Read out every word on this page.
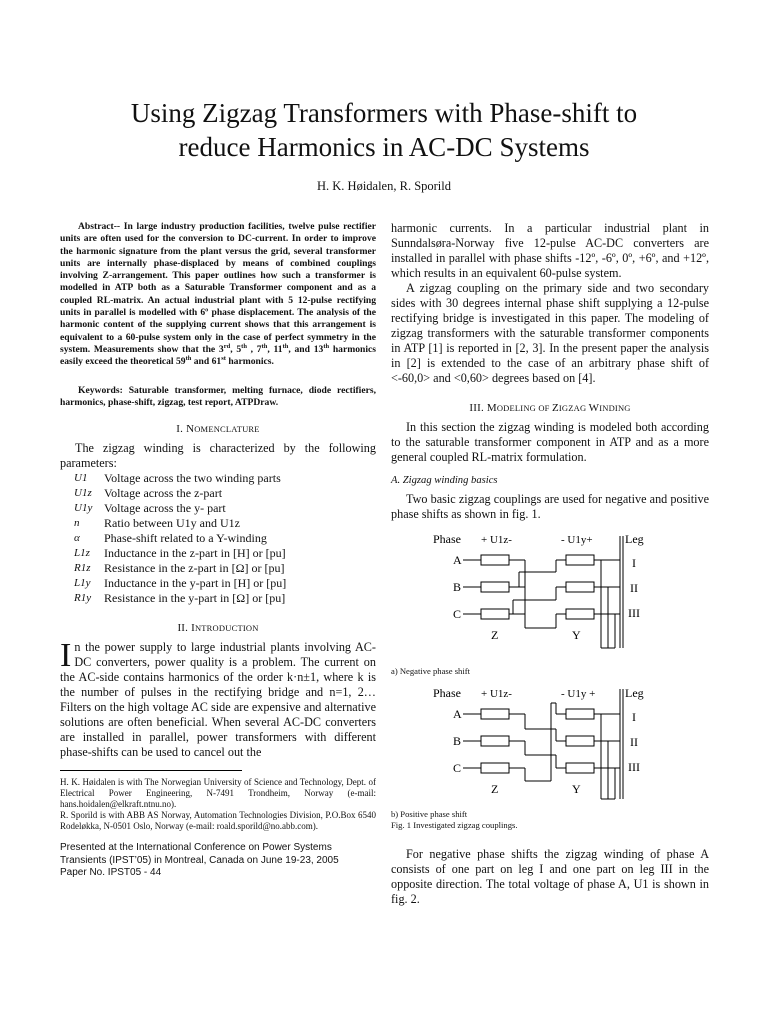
Using Zigzag Transformers with Phase-shift to
reduce Harmonics in AC-DC Systems
H. K. Høidalen, R. Sporild

Abstract-- In large industry production facilities, twelve pulse rectifier units are often used for the conversion to DC-current. In order to improve the harmonic signature from the plant versus the grid, several transformer units are internally phase-displaced by means of combined couplings involving Z-arrangement. This paper outlines how such a transformer is modelled in ATP both as a Saturable Transformer component and as a coupled RL-matrix. An actual industrial plant with 5 12-pulse rectifying units in parallel is modelled with 6º phase displacement. The analysis of the harmonic content of the supplying current shows that this arrangement is equivalent to a 60-pulse system only in the case of perfect symmetry in the system. Measurements show that the 3rd, 5th , 7th, 11th, and 13th harmonics easily exceed the theoretical 59th and 61st harmonics.

Keywords: Saturable transformer, melting furnace, diode rectifiers, harmonics, phase-shift, zigzag, test report, ATPDraw.

I. NOMENCLATURE

The zigzag winding is characterized by the following parameters:

U1	Voltage across the two winding parts
U1z	Voltage across the z-part
U1y Voltage across the y- part
n	Ratio between U1y and U1z
α	Phase-shift related to a Y-winding
L1z	Inductance in the z-part in [H] or [pu]
R1z	Resistance in the z-part in [Ω] or [pu]
L1y	Inductance in the y-part in [H] or [pu]
R1y	Resistance in the y-part in [Ω] or [pu]
II. INTRODUCTION

In the power supply to large industrial plants involving AC-DC converters, power quality is a problem. The current on the AC-side contains harmonics of the order k·n±1, where k is the number of pulses in the rectifying bridge and n=1, 2… Filters on the high voltage AC side are expensive and alternative solutions are often beneficial. When several AC-DC converters are installed in parallel, power transformers with different phase-shifts can be used to cancel out the

H. K. Høidalen is with The Norwegian University of Science and Technology, Dept. of Electrical Power Engineering, N-7491 Trondheim, Norway (e-mail: hans.hoidalen@elkraft.ntnu.no).

R. Sporild is with ABB AS Norway, Automation Technologies Division, P.O.Box 6540 Rodeløkka, N-0501 Oslo, Norway (e-mail: roald.sporild@no.abb.com).

Presented at the International Conference on Power Systems Transients (IPST’05) in Montreal, Canada on June 19-23, 2005
Paper No. IPST05 - 44

harmonic currents. In a particular industrial plant in Sunndalsøra-Norway five 12-pulse AC-DC converters are installed in parallel with phase shifts -12º, -6º, 0º, +6º, and +12º, which results in an equivalent 60-pulse system.

A zigzag coupling on the primary side and two secondary sides with 30 degrees internal phase shift supplying a 12-pulse rectifying bridge is investigated in this paper. The modeling of zigzag transformers with the saturable transformer components in ATP [1] is reported in [2, 3]. In the present paper the analysis in [2] is extended to the case of an arbitrary phase shift of <-60,0> and <0,60> degrees based on [4].

III. MODELING OF ZIGZAG WINDING

In this section the zigzag winding is modeled both according to the saturable transformer component in ATP and as a more general coupled RL-matrix formulation.

A. Zigzag winding basics

Two basic zigzag couplings are used for negative and positive phase shifts as shown in fig. 1.

Phase + U1z-	- U1y+	Leg
A
B
C
I
II
III
Z	Y

a) Negative phase shift

Phase + U1z-	- U1y + Leg
A
B
C
I
II
III
Z	Y

b) Positive phase shift

Fig. 1 Investigated zigzag couplings.

For negative phase shifts the zigzag winding of phase A consists of one part on leg I and one part on leg III in the opposite direction. The total voltage of phase A, U1 is shown in fig. 2.
